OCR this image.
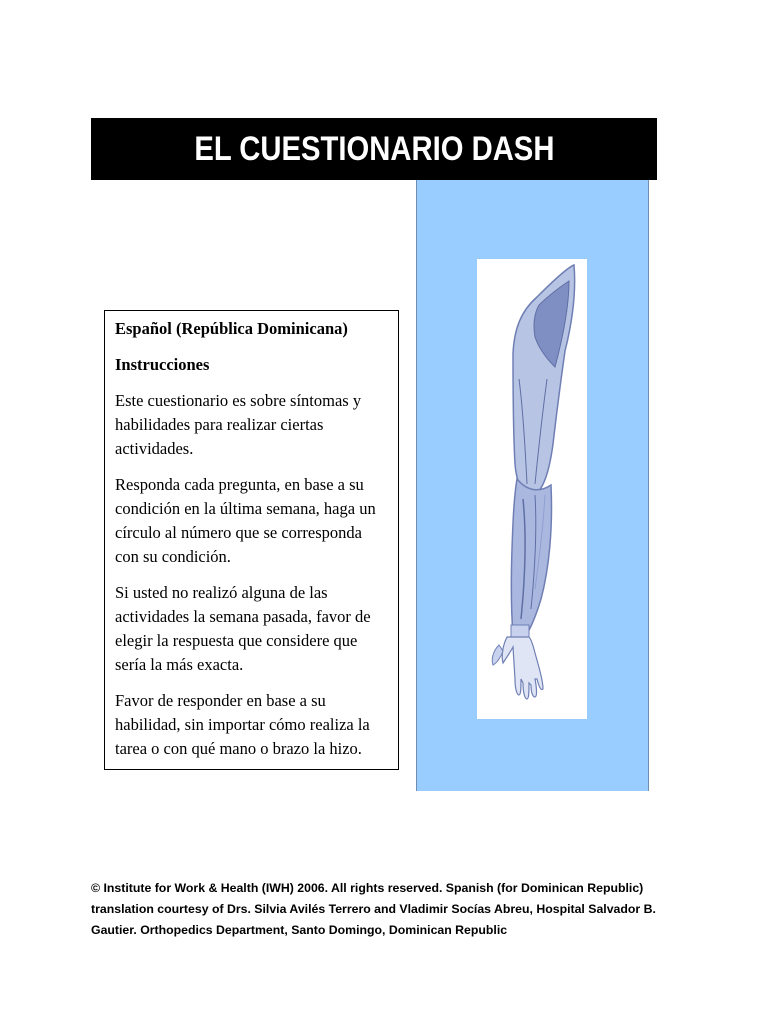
EL CUESTIONARIO DASH

Español (República Dominicana)

Instrucciones

Este cuestionario es sobre síntomas y habilidades para realizar ciertas actividades.

Responda cada pregunta, en base a su condición en la última semana, haga un círculo al número que se corresponda con su condición.

Si usted no realizó alguna de las actividades la semana pasada, favor de elegir la respuesta que considere que sería la más exacta.

Favor de responder en base a su habilidad, sin importar cómo realiza la tarea o con qué mano o brazo la hizo.

© Institute for Work & Health (IWH) 2006. All rights reserved. Spanish (for Dominican Republic) translation courtesy of Drs. Silvia Avilés Terrero and Vladimir Socías Abreu, Hospital Salvador B. Gautier. Orthopedics Department, Santo Domingo, Dominican Republic
